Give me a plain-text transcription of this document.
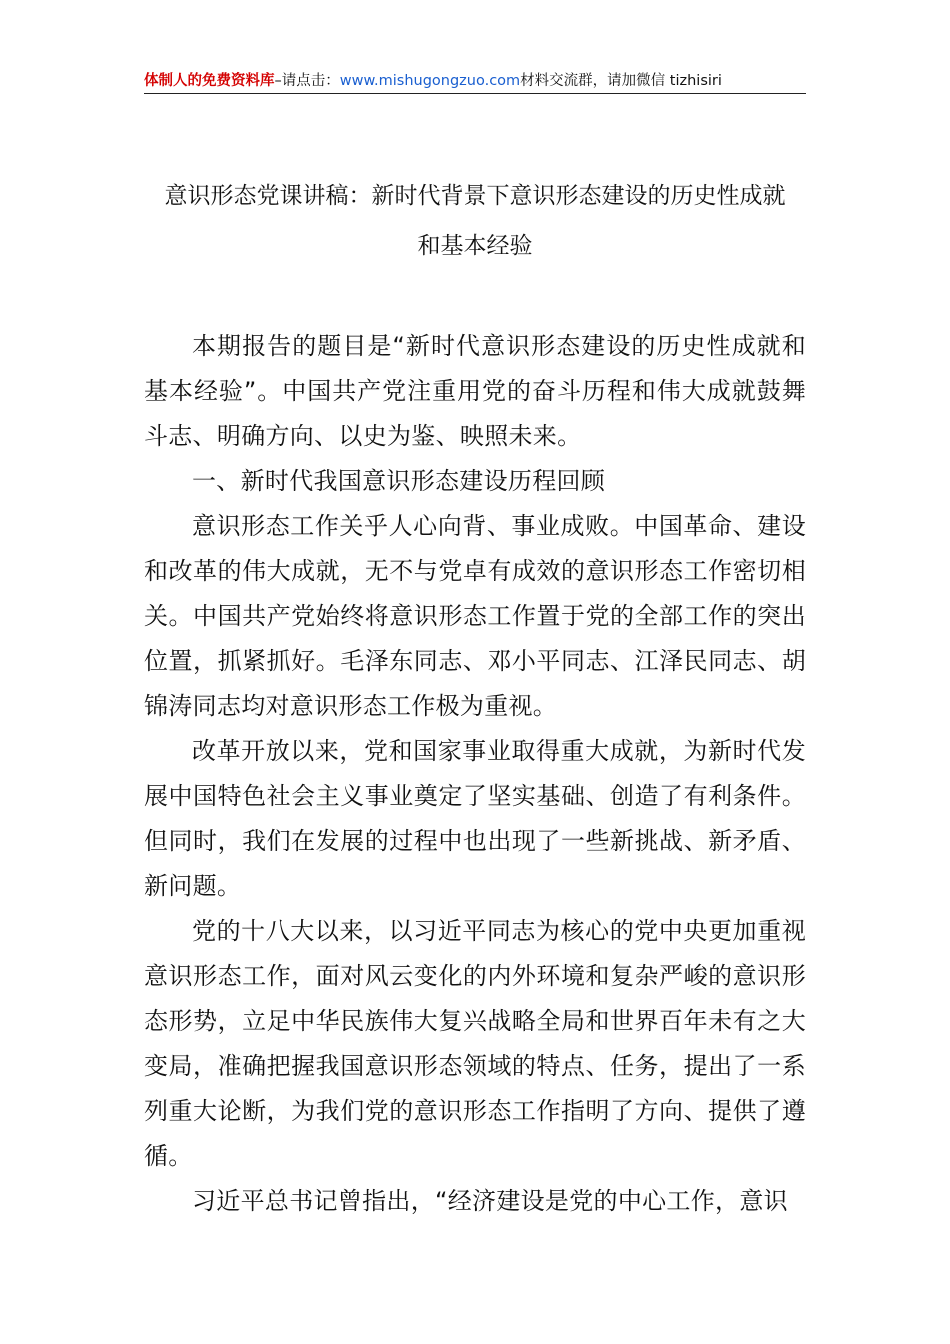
体制人的免费资料库–请点击：www.mishugongzuo.com材料交流群，请加微信 tizhisiri
意识形态党课讲稿：新时代背景下意识形态建设的历史性成就
和基本经验

本期报告的题目是“新时代意识形态建设的历史性成就和基本经验”。中国共产党注重用党的奋斗历程和伟大成就鼓舞斗志、明确方向、以史为鉴、映照未来。

一、新时代我国意识形态建设历程回顾

意识形态工作关乎人心向背、事业成败。中国革命、建设和改革的伟大成就，无不与党卓有成效的意识形态工作密切相关。中国共产党始终将意识形态工作置于党的全部工作的突出位置，抓紧抓好。毛泽东同志、邓小平同志、江泽民同志、胡锦涛同志均对意识形态工作极为重视。

改革开放以来，党和国家事业取得重大成就，为新时代发展中国特色社会主义事业奠定了坚实基础、创造了有利条件。但同时，我们在发展的过程中也出现了一些新挑战、新矛盾、新问题。

党的十八大以来，以习近平同志为核心的党中央更加重视意识形态工作，面对风云变化的内外环境和复杂严峻的意识形态形势，立足中华民族伟大复兴战略全局和世界百年未有之大变局，准确把握我国意识形态领域的特点、任务，提出了一系列重大论断，为我们党的意识形态工作指明了方向、提供了遵循。

习近平总书记曾指出，“经济建设是党的中心工作，意识
